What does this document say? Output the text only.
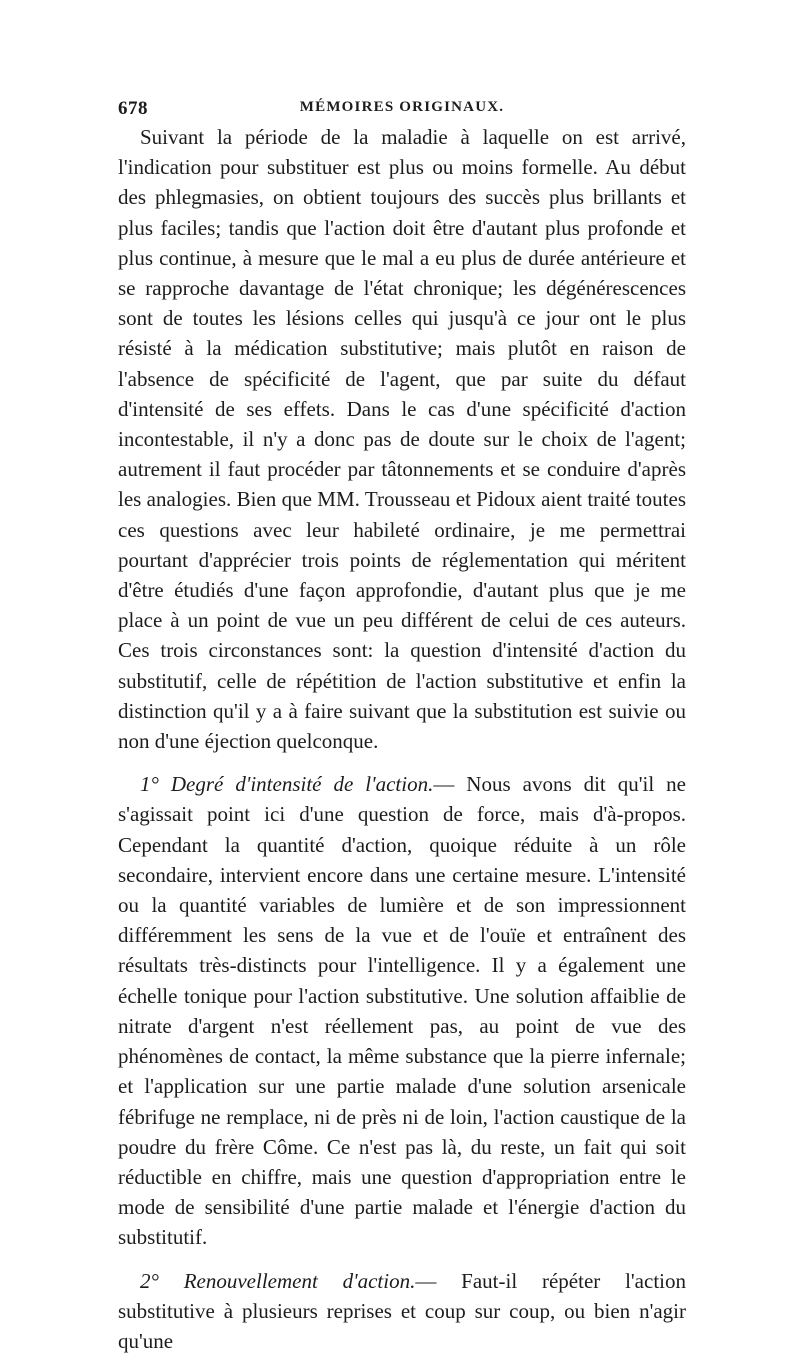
678	MÉMOIRES ORIGINAUX.

Suivant la période de la maladie à laquelle on est arrivé, l'indication pour substituer est plus ou moins formelle. Au début des phlegmasies, on obtient toujours des succès plus brillants et plus faciles; tandis que l'action doit être d'autant plus profonde et plus continue, à mesure que le mal a eu plus de durée antérieure et se rapproche davantage de l'état chronique; les dégénérescences sont de toutes les lésions celles qui jusqu'à ce jour ont le plus résisté à la médication substitutive; mais plutôt en raison de l'absence de spécificité de l'agent, que par suite du défaut d'intensité de ses effets. Dans le cas d'une spécificité d'action incontestable, il n'y a donc pas de doute sur le choix de l'agent; autrement il faut procéder par tâtonnements et se conduire d'après les analogies. Bien que MM. Trousseau et Pidoux aient traité toutes ces questions avec leur habileté ordinaire, je me permettrai pourtant d'apprécier trois points de réglementation qui méritent d'être étudiés d'une façon approfondie, d'autant plus que je me place à un point de vue un peu différent de celui de ces auteurs. Ces trois circonstances sont: la question d'intensité d'action du substitutif, celle de répétition de l'action substitutive et enfin la distinction qu'il y a à faire suivant que la substitution est suivie ou non d'une éjection quelconque.

1° Degré d'intensité de l'action.— Nous avons dit qu'il ne s'agissait point ici d'une question de force, mais d'à-propos. Cependant la quantité d'action, quoique réduite à un rôle secondaire, intervient encore dans une certaine mesure. L'intensité ou la quantité variables de lumière et de son impressionnent différemment les sens de la vue et de l'ouïe et entraînent des résultats très-distincts pour l'intelligence. Il y a également une échelle tonique pour l'action substitutive. Une solution affaiblie de nitrate d'argent n'est réellement pas, au point de vue des phénomènes de contact, la même substance que la pierre infernale; et l'application sur une partie malade d'une solution arsenicale fébrifuge ne remplace, ni de près ni de loin, l'action caustique de la poudre du frère Côme. Ce n'est pas là, du reste, un fait qui soit réductible en chiffre, mais une question d'appropriation entre le mode de sensibilité d'une partie malade et l'énergie d'action du substitutif.

2° Renouvellement d'action.— Faut-il répéter l'action substitutive à plusieurs reprises et coup sur coup, ou bien n'agir qu'une
